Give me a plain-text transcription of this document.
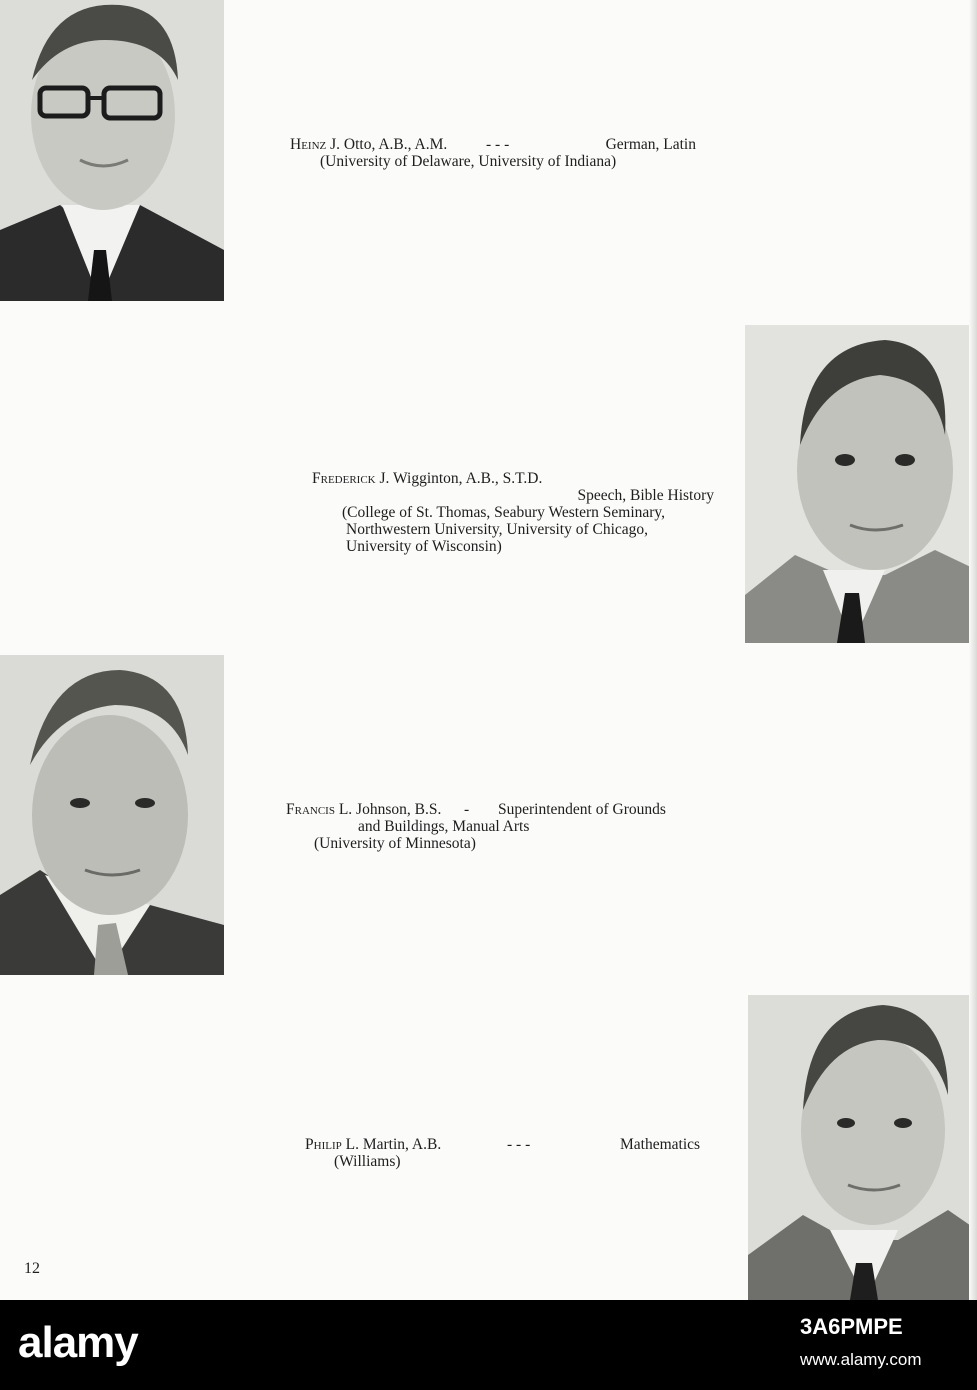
Heinz J. Otto, A.B., A.M. - - -	German, Latin
(University of Delaware, University of Indiana)
Frederick J. Wigginton, A.B., S.T.D.
Speech, Bible History
(College of St. Thomas, Seabury Western Seminary,
Northwestern University, University of Chicago,
University of Wisconsin)
Francis L. Johnson, B.S. - Superintendent of Grounds
and Buildings, Manual Arts
(University of Minnesota)
Philip L. Martin, A.B.	- - -	Mathematics
(Williams)
12
alamy	3A6PMPE
www.alamy.com
